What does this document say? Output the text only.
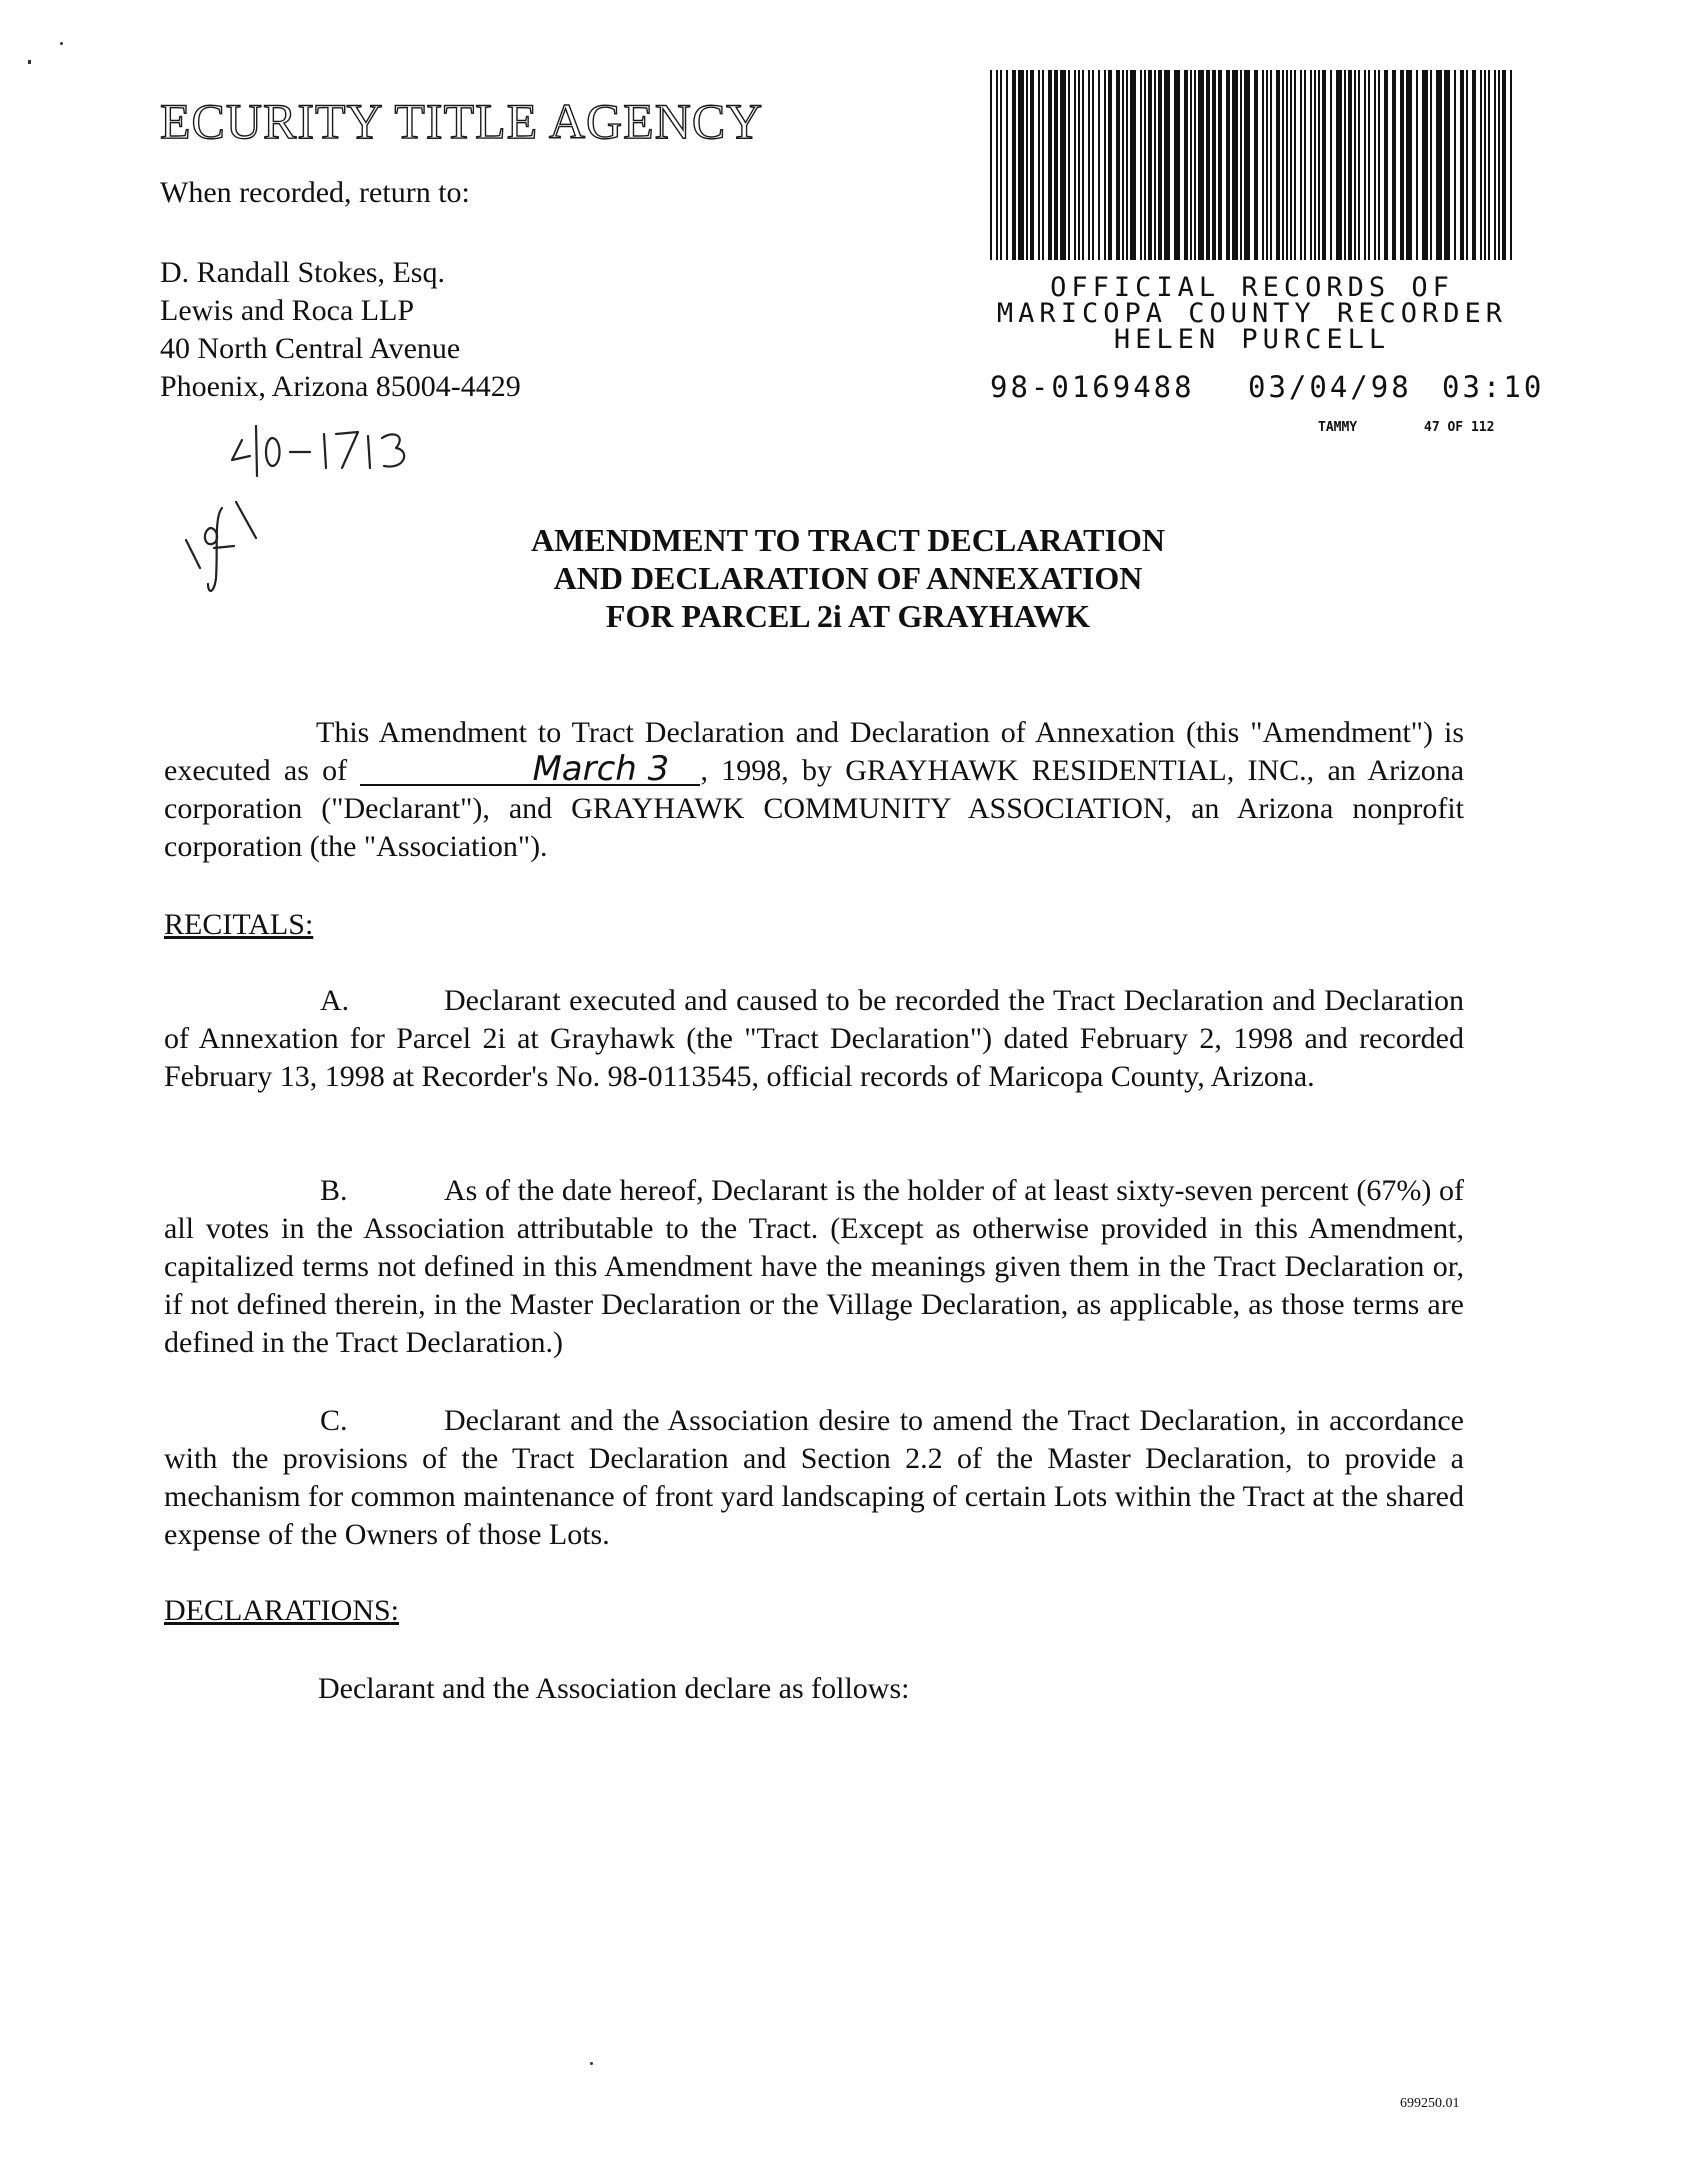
ECURITY TITLE AGENCY
When recorded, return to:
D. Randall Stokes, Esq.
Lewis and Roca LLP
40 North Central Avenue
Phoenix, Arizona 85004-4429
OFFICIAL RECORDS OF
MARICOPA COUNTY RECORDER
HELEN PURCELL
98-0169488 03/04/98 03:10
TAMMY	47 OF 112
AMENDMENT TO TRACT DECLARATION
AND DECLARATION OF ANNEXATION
FOR PARCEL 2i AT GRAYHAWK

This Amendment to Tract Declaration and Declaration of Annexation (this "Amendment") is executed as of	March 3 , 1998, by GRAYHAWK RESIDENTIAL, INC., an Arizona corporation ("Declarant"), and GRAYHAWK COMMUNITY ASSOCIATION, an Arizona nonprofit corporation (the "Association").

RECITALS:

A.	Declarant executed and caused to be recorded the Tract Declaration and Declaration of Annexation for Parcel 2i at Grayhawk (the "Tract Declaration") dated February 2, 1998 and recorded February 13, 1998 at Recorder's No. 98-0113545, official records of Maricopa County, Arizona.

B.	As of the date hereof, Declarant is the holder of at least sixty-seven percent (67%) of all votes in the Association attributable to the Tract. (Except as otherwise provided in this Amendment, capitalized terms not defined in this Amendment have the meanings given them in the Tract Declaration or, if not defined therein, in the Master Declaration or the Village Declaration, as applicable, as those terms are defined in the Tract Declaration.)

C.	Declarant and the Association desire to amend the Tract Declaration, in accordance with the provisions of the Tract Declaration and Section 2.2 of the Master Declaration, to provide a mechanism for common maintenance of front yard landscaping of certain Lots within the Tract at the shared expense of the Owners of those Lots.

DECLARATIONS:
Declarant and the Association declare as follows:
699250.01
